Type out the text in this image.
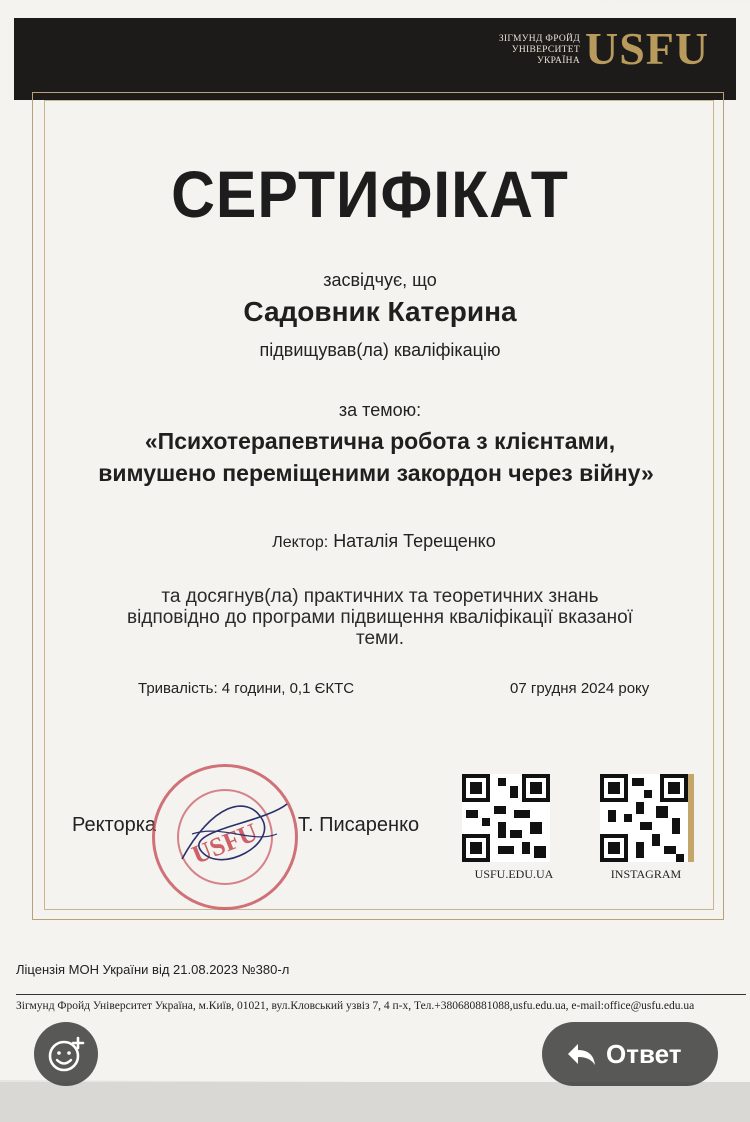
ЗІГМУНД ФРОЙД
УНІВЕРСИТЕТ
УКРАЇНА USFU
СЕРТИФІКАТ
засвідчує, що
Садовник Катерина
підвищував(ла) кваліфікацію
за темою:
«Психотерапевтична робота з клієнтами,
вимушено переміщеними закордон через війну»
Лектор: Наталія Терещенко
та досягнув(ла) практичних та теоретичних знань
відповідно до програми підвищення кваліфікації вказаної
теми.
Тривалість: 4 години, 0,1 ЄКТС	07 грудня 2024 року
Ректорка	USFU	Т. Писаренко
USFU.EDU.UA	INSTAGRAM
Ліцензія МОН України від 21.08.2023 №380-л
Зігмунд Фройд Університет Україна, м.Київ, 01021, вул.Кловський узвіз 7, 4 п-х, Тел.+380680881088,usfu.edu.ua, e-mail:office@usfu.edu.ua
Ответ
